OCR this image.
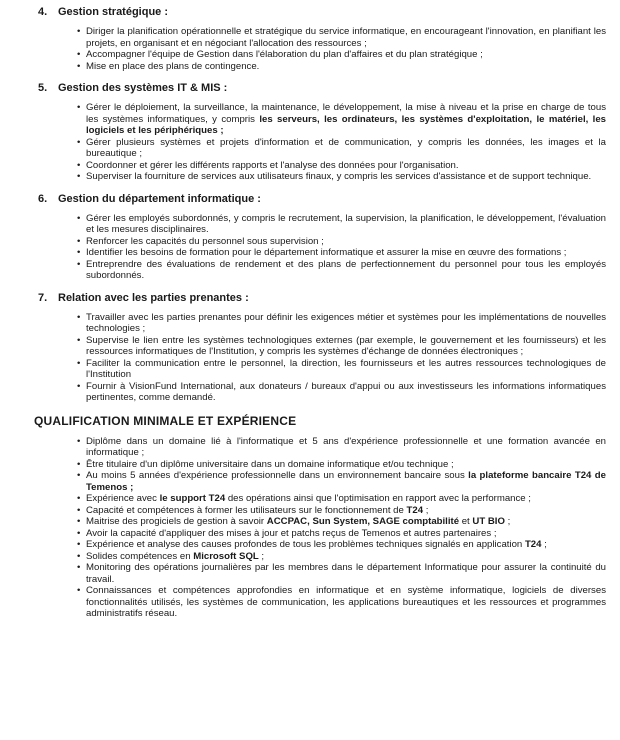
4. Gestion stratégique :
• Diriger la planification opérationnelle et stratégique du service informatique, en encourageant l'innovation, en planifiant les projets, en organisant et en négociant l'allocation des ressources ;
• Accompagner l'équipe de Gestion dans l'élaboration du plan d'affaires et du plan stratégique ;
• Mise en place des plans de contingence.
5. Gestion des systèmes IT & MIS :
• Gérer le déploiement, la surveillance, la maintenance, le développement, la mise à niveau et la prise en charge de tous les systèmes informatiques, y compris les serveurs, les ordinateurs, les systèmes d'exploitation, le matériel, les logiciels et les périphériques ;
• Gérer plusieurs systèmes et projets d'information et de communication, y compris les données, les images et la bureautique ;
• Coordonner et gérer les différents rapports et l'analyse des données pour l'organisation.
• Superviser la fourniture de services aux utilisateurs finaux, y compris les services d'assistance et de support technique.
6. Gestion du département informatique :
• Gérer les employés subordonnés, y compris le recrutement, la supervision, la planification, le développement, l'évaluation et les mesures disciplinaires.
• Renforcer les capacités du personnel sous supervision ;
• Identifier les besoins de formation pour le département informatique et assurer la mise en œuvre des formations ;
• Entreprendre des évaluations de rendement et des plans de perfectionnement du personnel pour tous les employés subordonnés.
7. Relation avec les parties prenantes :
• Travailler avec les parties prenantes pour définir les exigences métier et systèmes pour les implémentations de nouvelles technologies ;
• Supervise le lien entre les systèmes technologiques externes (par exemple, le gouvernement et les fournisseurs) et les ressources informatiques de l'Institution, y compris les systèmes d'échange de données électroniques ;
• Faciliter la communication entre le personnel, la direction, les fournisseurs et les autres ressources technologiques de l'Institution
• Fournir à VisionFund International, aux donateurs / bureaux d'appui ou aux investisseurs les informations informatiques pertinentes, comme demandé.
QUALIFICATION MINIMALE ET EXPÉRIENCE
• Diplôme dans un domaine lié à l'informatique et 5 ans d'expérience professionnelle et une formation avancée en informatique ;
• Être titulaire d'un diplôme universitaire dans un domaine informatique et/ou technique ;
• Au moins 5 années d'expérience professionnelle dans un environnement bancaire sous la plateforme bancaire T24 de Temenos ;
• Expérience avec le support T24 des opérations ainsi que l'optimisation en rapport avec la performance ;
• Capacité et compétences à former les utilisateurs sur le fonctionnement de T24 ;
• Maitrise des progiciels de gestion à savoir ACCPAC, Sun System, SAGE comptabilité et UT BIO ;
• Avoir la capacité d'appliquer des mises à jour et patchs reçus de Temenos et autres partenaires ;
• Expérience et analyse des causes profondes de tous les problèmes techniques signalés en application T24 ;
• Solides compétences en Microsoft SQL ;
• Monitoring des opérations journalières par les membres dans le département Informatique pour assurer la continuité du travail.
• Connaissances et compétences approfondies en informatique et en système informatique, logiciels de diverses fonctionnalités utilisés, les systèmes de communication, les applications bureautiques et les ressources et programmes administratifs réseau.
